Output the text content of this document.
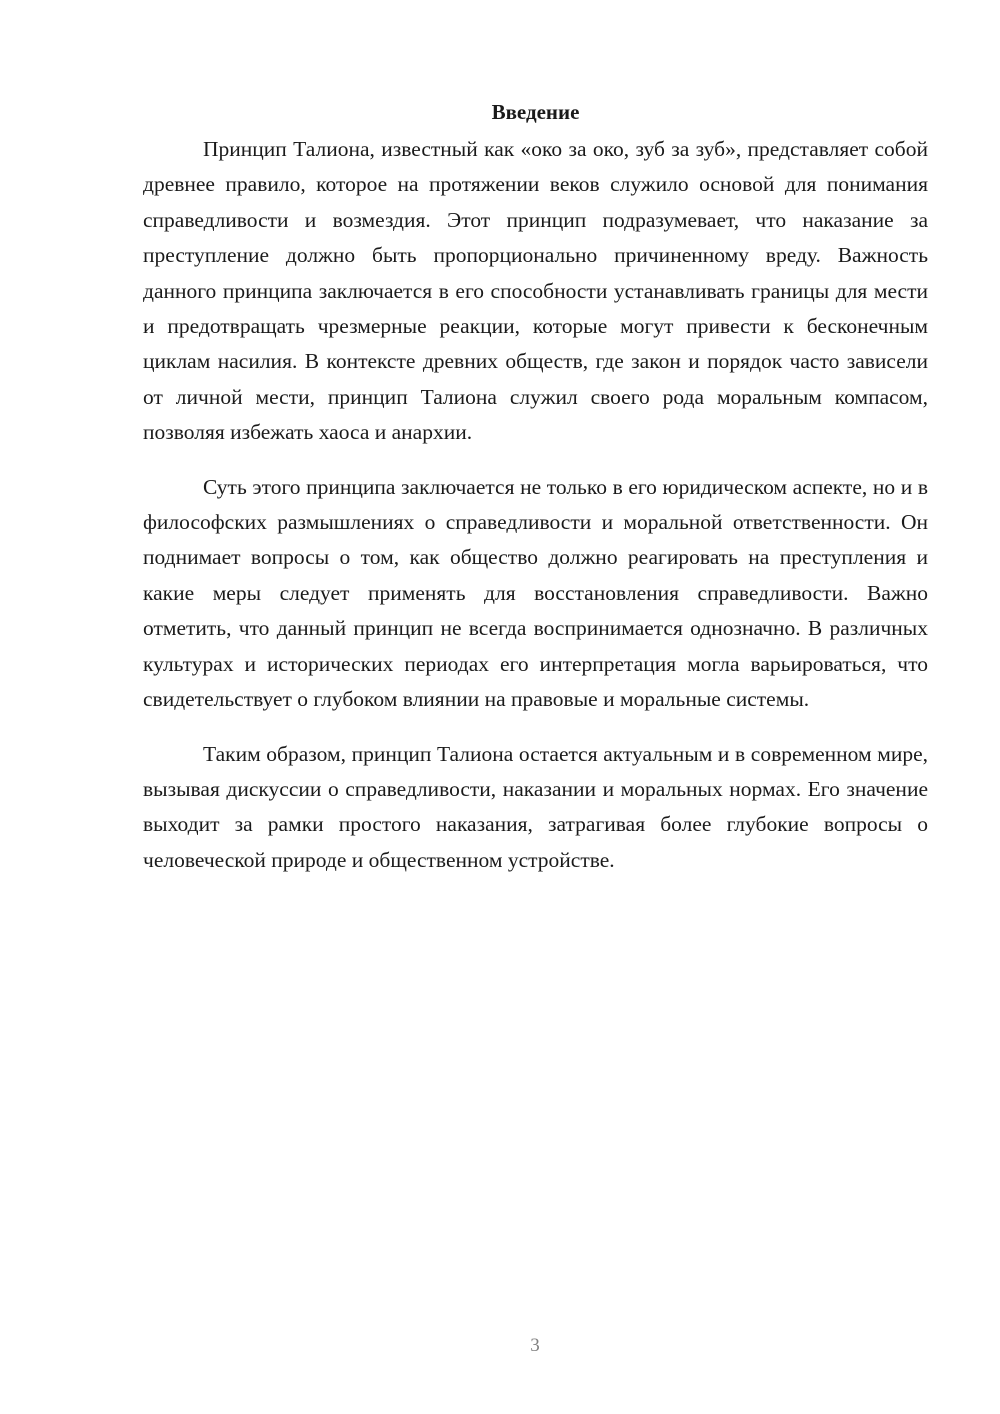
Введение

Принцип Талиона, известный как «око за око, зуб за зуб», представляет собой древнее правило, которое на протяжении веков служило основой для понимания справедливости и возмездия. Этот принцип подразумевает, что наказание за преступление должно быть пропорционально причиненному вреду. Важность данного принципа заключается в его способности устанавливать границы для мести и предотвращать чрезмерные реакции, которые могут привести к бесконечным циклам насилия. В контексте древних обществ, где закон и порядок часто зависели от личной мести, принцип Талиона служил своего рода моральным компасом, позволяя избежать хаоса и анархии.

Суть этого принципа заключается не только в его юридическом аспекте, но и в философских размышлениях о справедливости и моральной ответственности. Он поднимает вопросы о том, как общество должно реагировать на преступления и какие меры следует применять для восстановления справедливости. Важно отметить, что данный принцип не всегда воспринимается однозначно. В различных культурах и исторических периодах его интерпретация могла варьироваться, что свидетельствует о глубоком влиянии на правовые и моральные системы.

Таким образом, принцип Талиона остается актуальным и в современном мире, вызывая дискуссии о справедливости, наказании и моральных нормах. Его значение выходит за рамки простого наказания, затрагивая более глубокие вопросы о человеческой природе и общественном устройстве.

3
